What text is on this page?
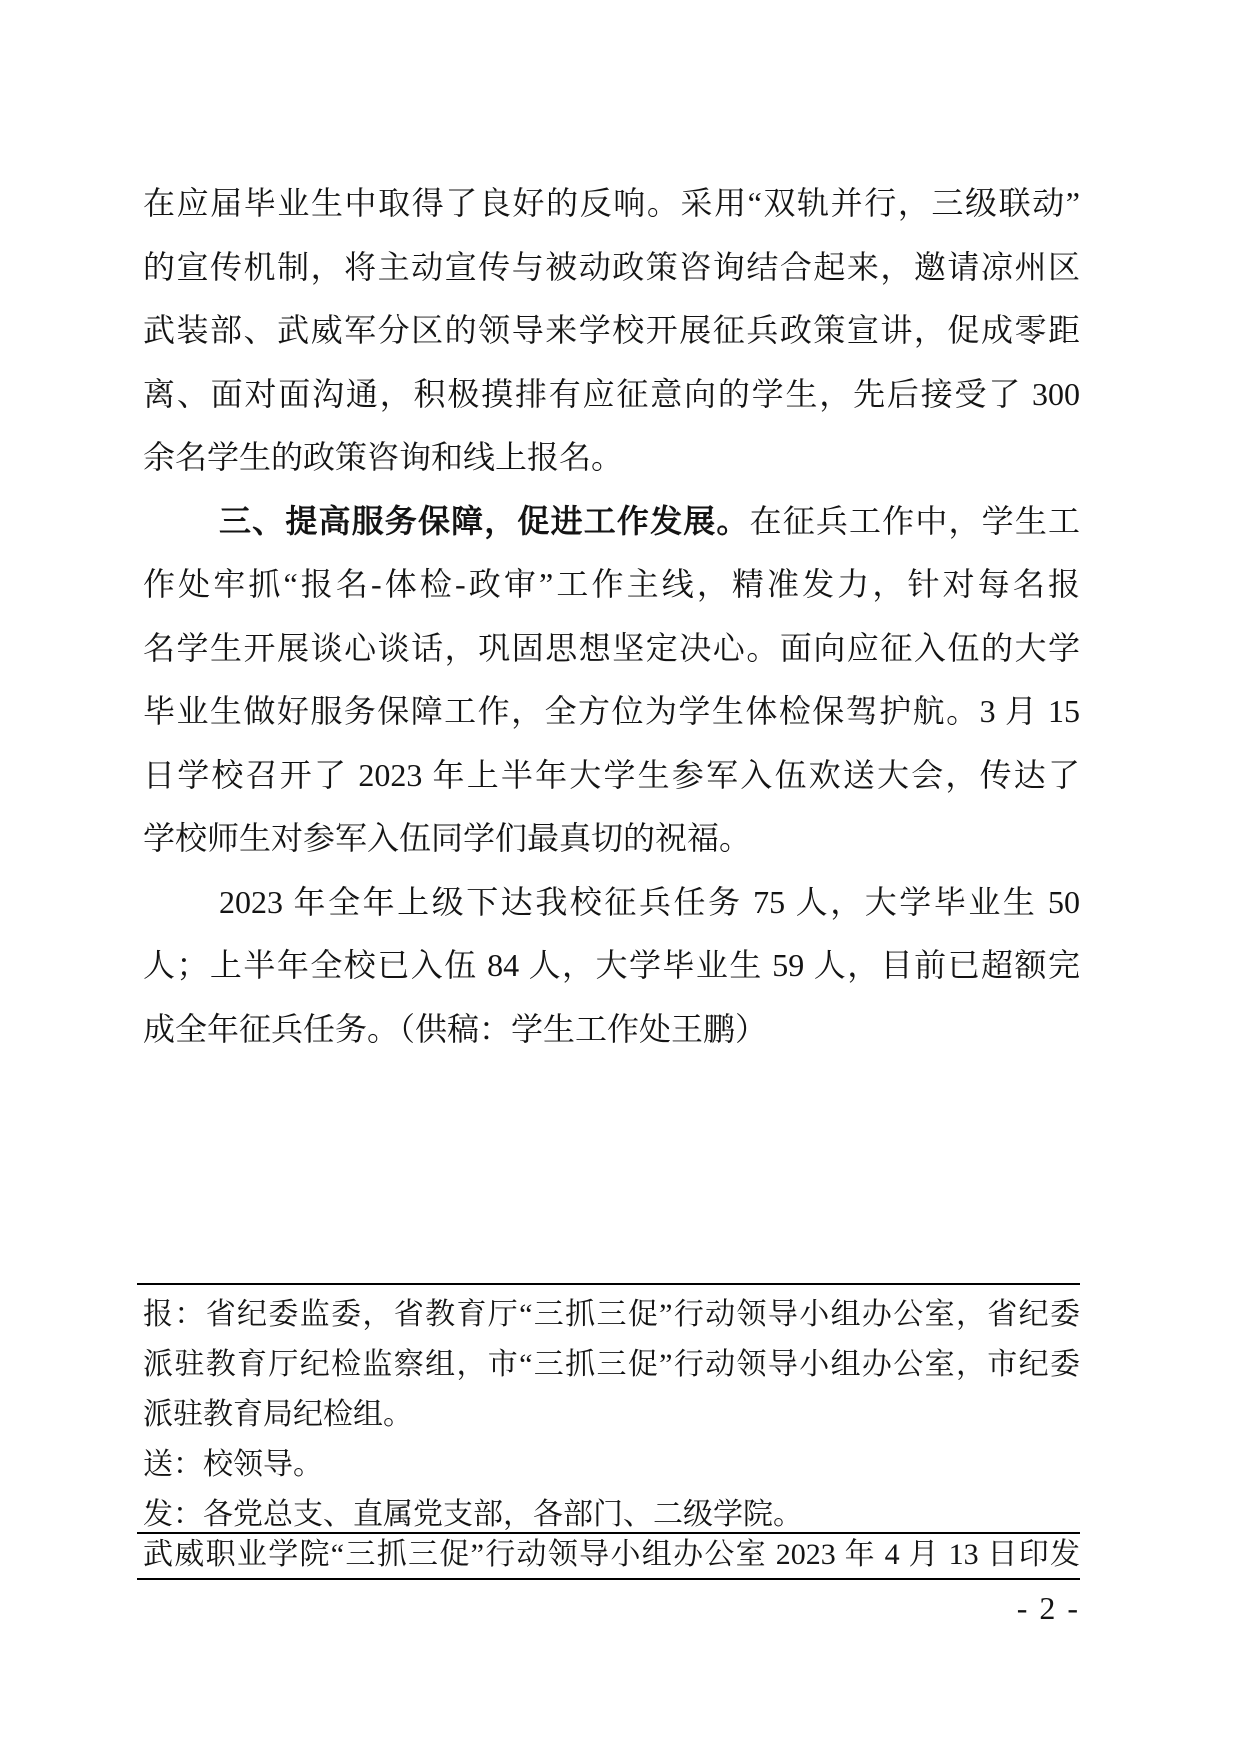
在应届毕业生中取得了良好的反响。采用“双轨并行，三级联动”
的宣传机制，将主动宣传与被动政策咨询结合起来，邀请凉州区
武装部、武威军分区的领导来学校开展征兵政策宣讲，促成零距
离、面对面沟通，积极摸排有应征意向的学生，先后接受了 300
余名学生的政策咨询和线上报名。
三、提高服务保障，促进工作发展。在征兵工作中，学生工
作处牢抓“报名-体检-政审”工作主线，精准发力，针对每名报
名学生开展谈心谈话，巩固思想坚定决心。面向应征入伍的大学
毕业生做好服务保障工作，全方位为学生体检保驾护航。3 月 15
日学校召开了 2023 年上半年大学生参军入伍欢送大会，传达了
学校师生对参军入伍同学们最真切的祝福。
2023 年全年上级下达我校征兵任务 75 人，大学毕业生 50
人；上半年全校已入伍 84 人，大学毕业生 59 人，目前已超额完
成全年征兵任务。（供稿：学生工作处王鹏）
报：省纪委监委，省教育厅“三抓三促”行动领导小组办公室，省纪委
派驻教育厅纪检监察组，市“三抓三促”行动领导小组办公室，市纪委
派驻教育局纪检组。
送：校领导。
发：各党总支、直属党支部，各部门、二级学院。
武威职业学院“三抓三促”行动领导小组办公室 2023 年 4 月 13 日印发
- 2 -
